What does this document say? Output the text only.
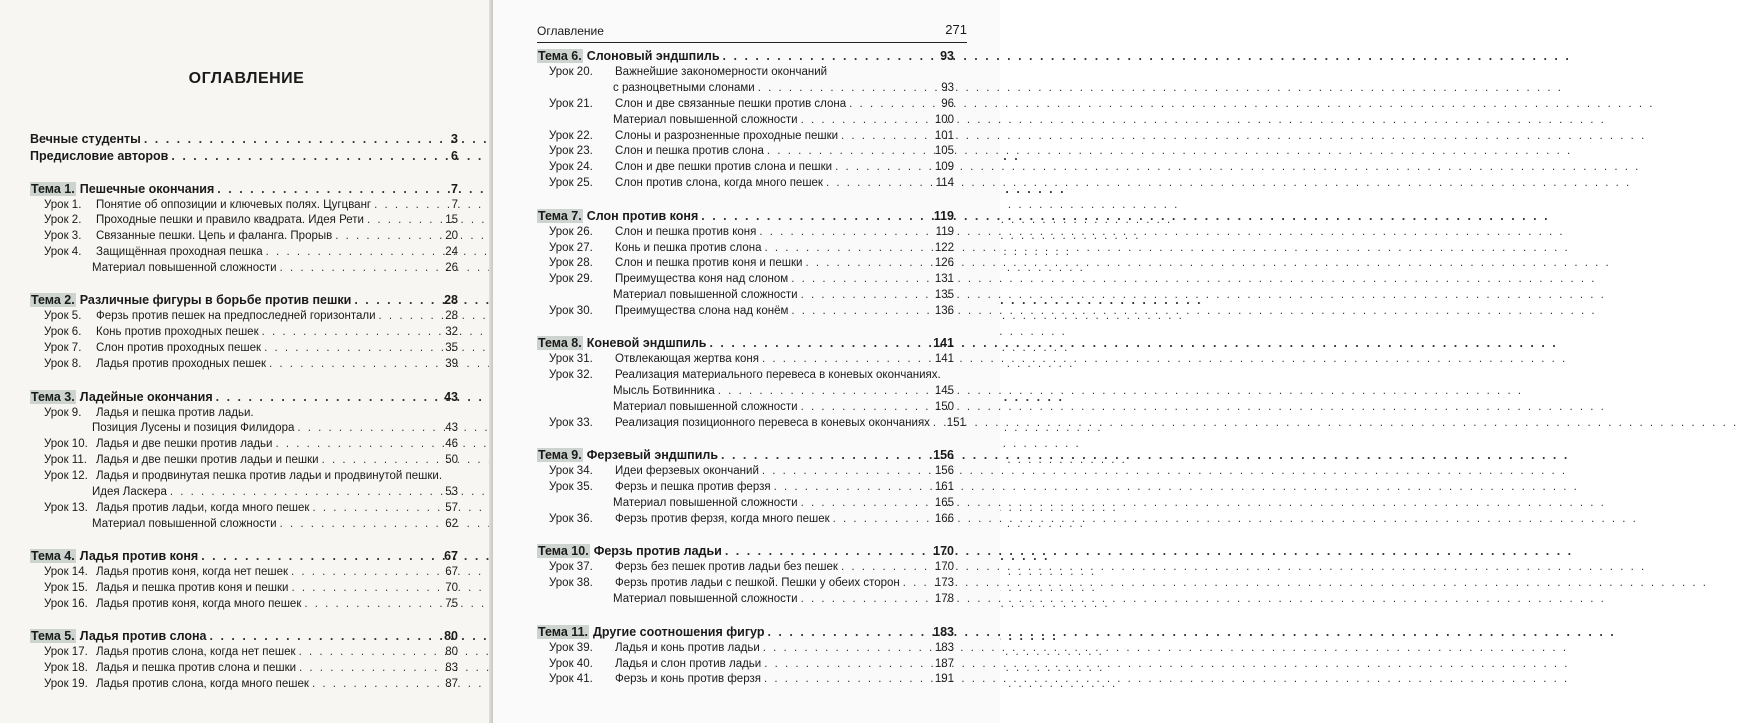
ОГЛАВЛЕНИЕ
Вечные студенты . . .	3
Предисловие авторов . . .	6
Тема 1. Пешечные окончания . . .	7
Урок 1.	Понятие об оппозиции и ключевых полях. Цугцванг . . .	7
Урок 2.	Проходные пешки и правило квадрата. Идея Рети . . .	15
Урок 3.	Связанные пешки. Цепь и фаланга. Прорыв . . .	20
Урок 4.	Защищённая проходная пешка . . .	24
Материал повышенной сложности . . .	26
Тема 2. Различные фигуры в борьбе против пешки . . .	28
Урок 5.	Ферзь против пешек на предпоследней горизонтали . . .	28
Урок 6.	Конь против проходных пешек . . .	32
Урок 7.	Слон против проходных пешек . . .	35
Урок 8.	Ладья против проходных пешек . . .	39
Тема 3. Ладейные окончания . . .	43
Урок 9.	Ладья и пешка против ладьи.
Позиция Лусены и позиция Филидора . . .	43
Урок 10. Ладья и две пешки против ладьи . . .	46
Урок 11. Ладья и две пешки против ладьи и пешки . . .	50
Урок 12. Ладья и продвинутая пешка против ладьи и продвинутой пешки.
Идея Ласкера . . .	53
Урок 13. Ладья против ладьи, когда много пешек . . .	57
Материал повышенной сложности . . .	62
Тема 4. Ладья против коня . . .	67
Урок 14. Ладья против коня, когда нет пешек . . .	67
Урок 15. Ладья и пешка против коня и пешки . . .	70
Урок 16. Ладья против коня, когда много пешек . . .	75
Тема 5. Ладья против слона . . .	80
Урок 17. Ладья против слона, когда нет пешек . . .	80
Урок 18. Ладья и пешка против слона и пешки . . .	83
Урок 19. Ладья против слона, когда много пешек . . .	87
Оглавление	271
Тема 6. Слоновый эндшпиль . . .	93
Урок 20.	Важнейшие закономерности окончаний
с разноцветными слонами . . .	93
Урок 21.	Слон и две связанные пешки против слона . . .	96
Материал повышенной сложности . . .	100
Урок 22.	Слоны и разрозненные проходные пешки . . .	101
Урок 23.	Слон и пешка против слона . . .	105
Урок 24.	Слон и две пешки против слона и пешки . . .	109
Урок 25.	Слон против слона, когда много пешек . . .	114
Тема 7. Слон против коня . . .	119
Урок 26.	Слон и пешка против коня . . .	119
Урок 27.	Конь и пешка против слона . . .	122
Урок 28.	Слон и пешка против коня и пешки . . .	126
Урок 29.	Преимущества коня над слоном . . .	131
Материал повышенной сложности . . .	135
Урок 30.	Преимущества слона над конём . . .	136
Тема 8. Коневой эндшпиль . . .	141
Урок 31.	Отвлекающая жертва коня . . .	141
Урок 32.	Реализация материального перевеса в коневых окончаниях.
Мысль Ботвинника . . .	145
Материал повышенной сложности . . .	150
Урок 33.	Реализация позиционного перевеса в коневых окончаниях . . .	151
Тема 9. Ферзевый эндшпиль . . .	156
Урок 34.	Идеи ферзевых окончаний . . .	156
Урок 35.	Ферзь и пешка против ферзя . . .	161
Материал повышенной сложности . . .	165
Урок 36.	Ферзь против ферзя, когда много пешек . . .	166
Тема 10. Ферзь против ладьи . . .	170
Урок 37.	Ферзь без пешек против ладьи без пешек . . .	170
Урок 38.	Ферзь против ладьи с пешкой. Пешки у обеих сторон . . .	173
Материал повышенной сложности . . .	178
Тема 11. Другие соотношения фигур . . .	183
Урок 39.	Ладья и конь против ладьи . . .	183
Урок 40.	Ладья и слон против ладьи . . .	187
Урок 41.	Ферзь и конь против ферзя . . .	191
